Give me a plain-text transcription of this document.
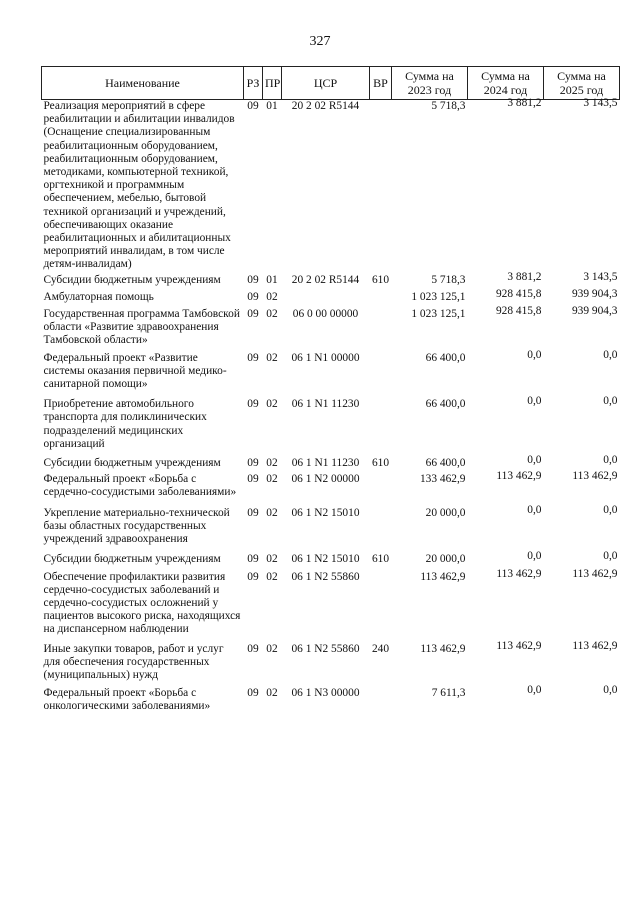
327
Наименование	РЗ	ПР	ЦСР	ВР	Сумма на 2023 год	Сумма на 2024 год	Сумма на 2025 год
Реализация мероприятий в сфере реабилитации и абилитации инвалидов (Оснащение специализированным реабилитационным оборудованием, реабилитационным оборудованием, методиками, компьютерной техникой, оргтехникой и программным обеспечением, мебелью, бытовой техникой организаций и учреждений, обеспечивающих оказание реабилитационных и абилитационных мероприятий инвалидам, в том числе детям-инвалидам)	09	01	20 2 02 R5144		5 718,3	3 881,2	3 143,5
Субсидии бюджетным учреждениям	09	01	20 2 02 R5144	610	5 718,3	3 881,2	3 143,5
Амбулаторная помощь	09	02			1 023 125,1	928 415,8	939 904,3
Государственная программа Тамбовской области «Развитие здравоохранения Тамбовской области»	09	02	06 0 00 00000		1 023 125,1	928 415,8	939 904,3
Федеральный проект «Развитие системы оказания первичной медико-санитарной помощи»	09	02	06 1 N1 00000		66 400,0	0,0	0,0
Приобретение автомобильного транспорта для поликлинических подразделений медицинских организаций	09	02	06 1 N1 11230		66 400,0	0,0	0,0
Субсидии бюджетным учреждениям	09	02	06 1 N1 11230	610	66 400,0	0,0	0,0
Федеральный проект «Борьба с сердечно-сосудистыми заболеваниями»	09	02	06 1 N2 00000		133 462,9	113 462,9	113 462,9
Укрепление материально-технической базы областных государственных учреждений здравоохранения	09	02	06 1 N2 15010		20 000,0	0,0	0,0
Субсидии бюджетным учреждениям	09	02	06 1 N2 15010	610	20 000,0	0,0	0,0
Обеспечение профилактики развития сердечно-сосудистых заболеваний и сердечно-сосудистых осложнений у пациентов высокого риска, находящихся на диспансерном наблюдении	09	02	06 1 N2 55860		113 462,9	113 462,9	113 462,9
Иные закупки товаров, работ и услуг для обеспечения государственных (муниципальных) нужд	09	02	06 1 N2 55860	240	113 462,9	113 462,9	113 462,9
Федеральный проект «Борьба с онкологическими заболеваниями»	09	02	06 1 N3 00000		7 611,3	0,0	0,0
